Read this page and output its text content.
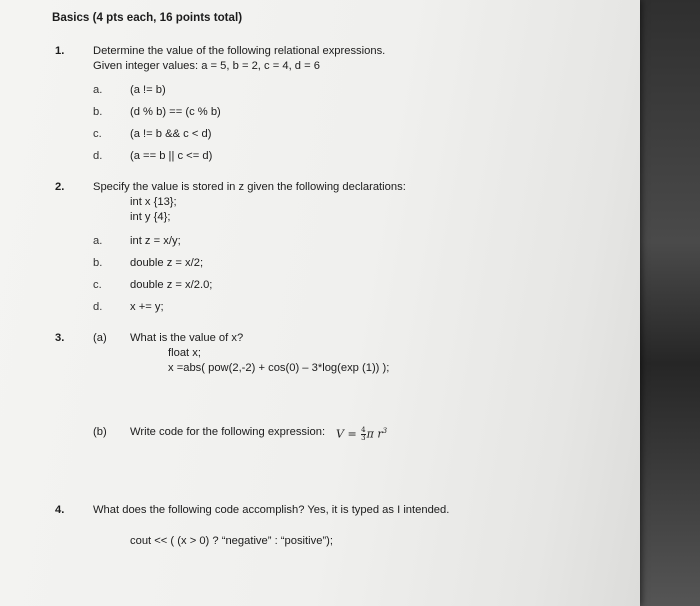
Basics (4 pts each, 16 points total)
1.	Determine the value of the following relational expressions.
Given integer values: a = 5, b = 2, c = 4, d = 6
a. (a != b)
b. (d % b) == (c % b)
c.	(a != b && c < d)
d. (a == b || c <= d)
2.	Specify the value is stored in z given the following declarations:
int x {13};
int y {4};
a. int z = x/y;
b. double z = x/2;
c.	double z = x/2.0;
d. x += y;
3.	(a) What is the value of x?
float x;
x =abs( pow(2,-2) + cos(0) – 3*log(exp (1)) );
(b) Write code for the following expression: $V = \frac{4}{3}$ π $r^3$
4.	What does the following code accomplish? Yes, it is typed as I intended.
cout << ( (x > 0) ? “negative” : “positive”);
